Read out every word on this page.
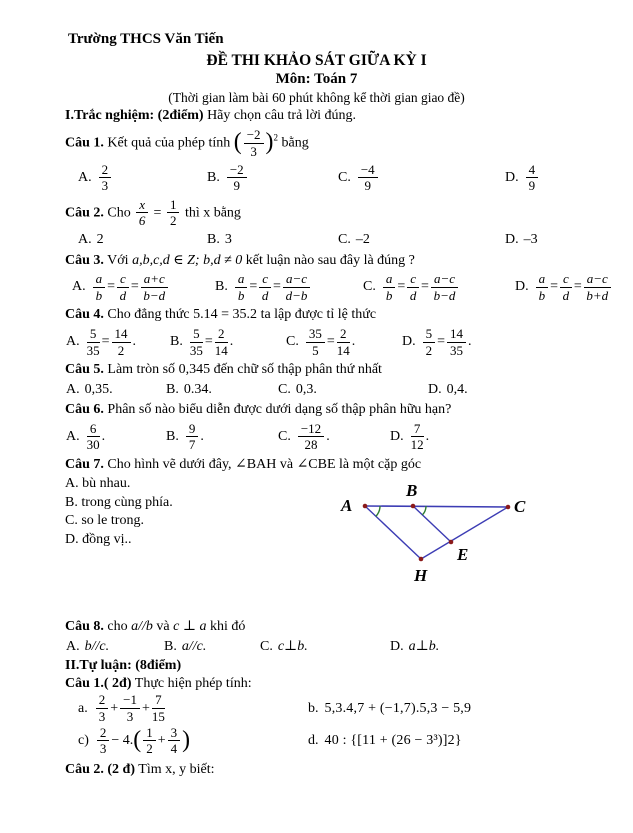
Trường THCS Văn Tiến
ĐỀ THI KHẢO SÁT GIỮA KỲ I
Môn: Toán 7
(Thời gian làm bài 60 phút không kể thời gian giao đề)
I.Trắc nghiệm: (2điểm) Hãy chọn câu trả lời đúng.
Câu 1. Kết quả của phép tính ( $\frac{-2}{3} )^2$ bằng
A. $\frac{2}{3}$	B. $\frac{-2}{9}$	C. $\frac{-4}{9}$	D. $\frac{4}{9}$
Câu 2. Cho $\frac{x}{6} = \frac{1}{2}$ thì x bằng
A. 2	B. 3	C. –2	D. –3
Câu 3. Với a,b,c,d ∈ Z; b,d ≠ 0 kết luận nào sau đây là đúng ?
A. $\frac{a}{b} = \frac{c}{d} = \frac{a+c}{b-d}$	B. $\frac{a}{b} = \frac{c}{d} = \frac{a-c}{d-b}$	C. $\frac{a}{b} = \frac{c}{d} = \frac{a-c}{b-d}$	D. $\frac{a}{b} = \frac{c}{d} = \frac{a-c}{b+d}$
Câu 4. Cho đẳng thức 5.14 = 35.2 ta lập được tỉ lệ thức
A. $\frac{5}{35} = \frac{14}{2}$ . B. $\frac{5}{35} = \frac{2}{14}$ .	C. $\frac{35}{5} = \frac{2}{14}$ .	D. $\frac{5}{2} = \frac{14}{35}$ .
Câu 5. Làm tròn số 0,345 đến chữ số thập phân thứ nhất
A. 0,35.	B. 0.34.	C. 0,3.	D. 0,4.
Câu 6. Phân số nào biểu diễn được dưới dạng số thập phân hữu hạn?
A. $\frac{6}{30}$ .	B. $\frac{9}{7}$ .	C. $\frac{-12}{28}$ .	D. $\frac{7}{12}$ .
Câu 7. Cho hình vẽ dưới đây, ∠BAH và ∠CBE là một cặp góc
A. bù nhau.
B. trong cùng phía.
C. so le trong.
D. đồng vị..
A
B
C
E
H
Câu 8. cho a//b và c ⊥ a khi đó
A. b//c.	B. a//c.	C. c⊥b.	D. a⊥b.
II.Tự luận: (8điểm)
Câu 1.( 2đ) Thực hiện phép tính:
a. $\frac{2}{3} + \frac{-1}{3} + \frac{7}{15}$	b. 5,3.4,7 + (−1,7).5,3 − 5,9
$c) \frac{2}{3} - 4$. ( $\frac{1}{2} + \frac{3}{4}$ )	d. 40 : {[11 + (26 − 3³)]2}
Câu 2. (2 đ) Tìm x, y biết:
